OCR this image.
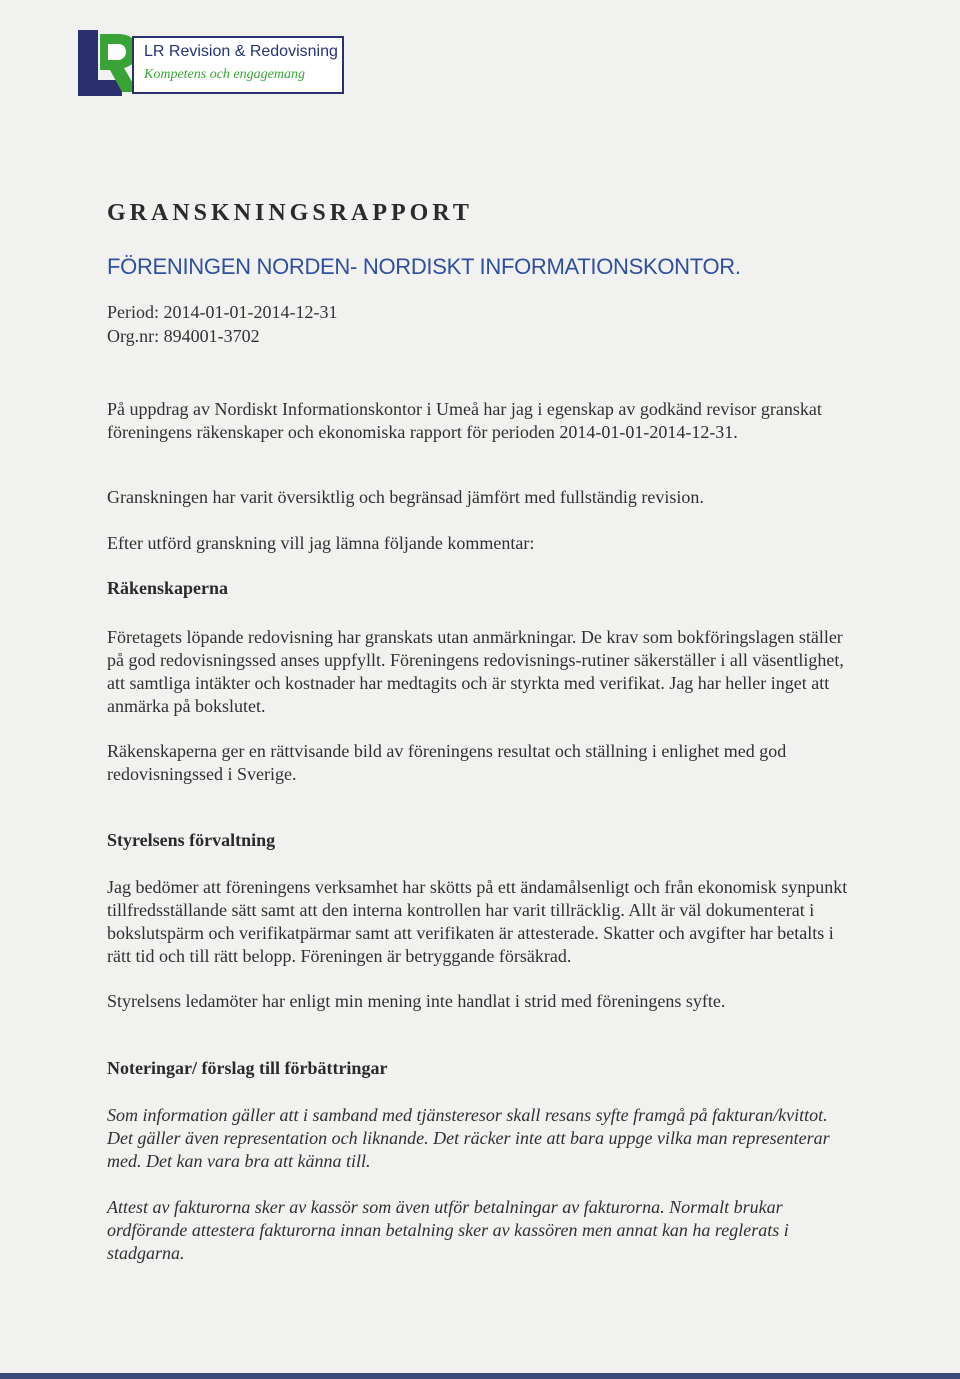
LR Revision & Redovisning
Kompetens och engagemang
GRANSKNINGSRAPPORT
FÖRENINGEN NORDEN- NORDISKT INFORMATIONSKONTOR.
Period: 2014-01-01-2014-12-31
Org.nr: 894001-3702

På uppdrag av Nordiskt Informationskontor i Umeå har jag i egenskap av godkänd revisor granskat föreningens räkenskaper och ekonomiska rapport för perioden 2014-01-01-2014-12-31.

Granskningen har varit översiktlig och begränsad jämfört med fullständig revision.

Efter utförd granskning vill jag lämna följande kommentar:

Räkenskaperna

Företagets löpande redovisning har granskats utan anmärkningar. De krav som bokföringslagen ställer på god redovisningssed anses uppfyllt. Föreningens redovisnings-rutiner säkerställer i all väsentlighet, att samtliga intäkter och kostnader har medtagits och är styrkta med verifikat. Jag har heller inget att anmärka på bokslutet.

Räkenskaperna ger en rättvisande bild av föreningens resultat och ställning i enlighet med god redovisningssed i Sverige.

Styrelsens förvaltning

Jag bedömer att föreningens verksamhet har skötts på ett ändamålsenligt och från ekonomisk synpunkt tillfredsställande sätt samt att den interna kontrollen har varit tillräcklig. Allt är väl dokumenterat i bokslutspärm och verifikatpärmar samt att verifikaten är attesterade. Skatter och avgifter har betalts i rätt tid och till rätt belopp. Föreningen är betryggande försäkrad.

Styrelsens ledamöter har enligt min mening inte handlat i strid med föreningens syfte.

Noteringar/ förslag till förbättringar

Som information gäller att i samband med tjänsteresor skall resans syfte framgå på fakturan/kvittot. Det gäller även representation och liknande. Det räcker inte att bara uppge vilka man representerar med. Det kan vara bra att känna till.

Attest av fakturorna sker av kassör som även utför betalningar av fakturorna. Normalt brukar ordförande attestera fakturorna innan betalning sker av kassören men annat kan ha reglerats i stadgarna.
